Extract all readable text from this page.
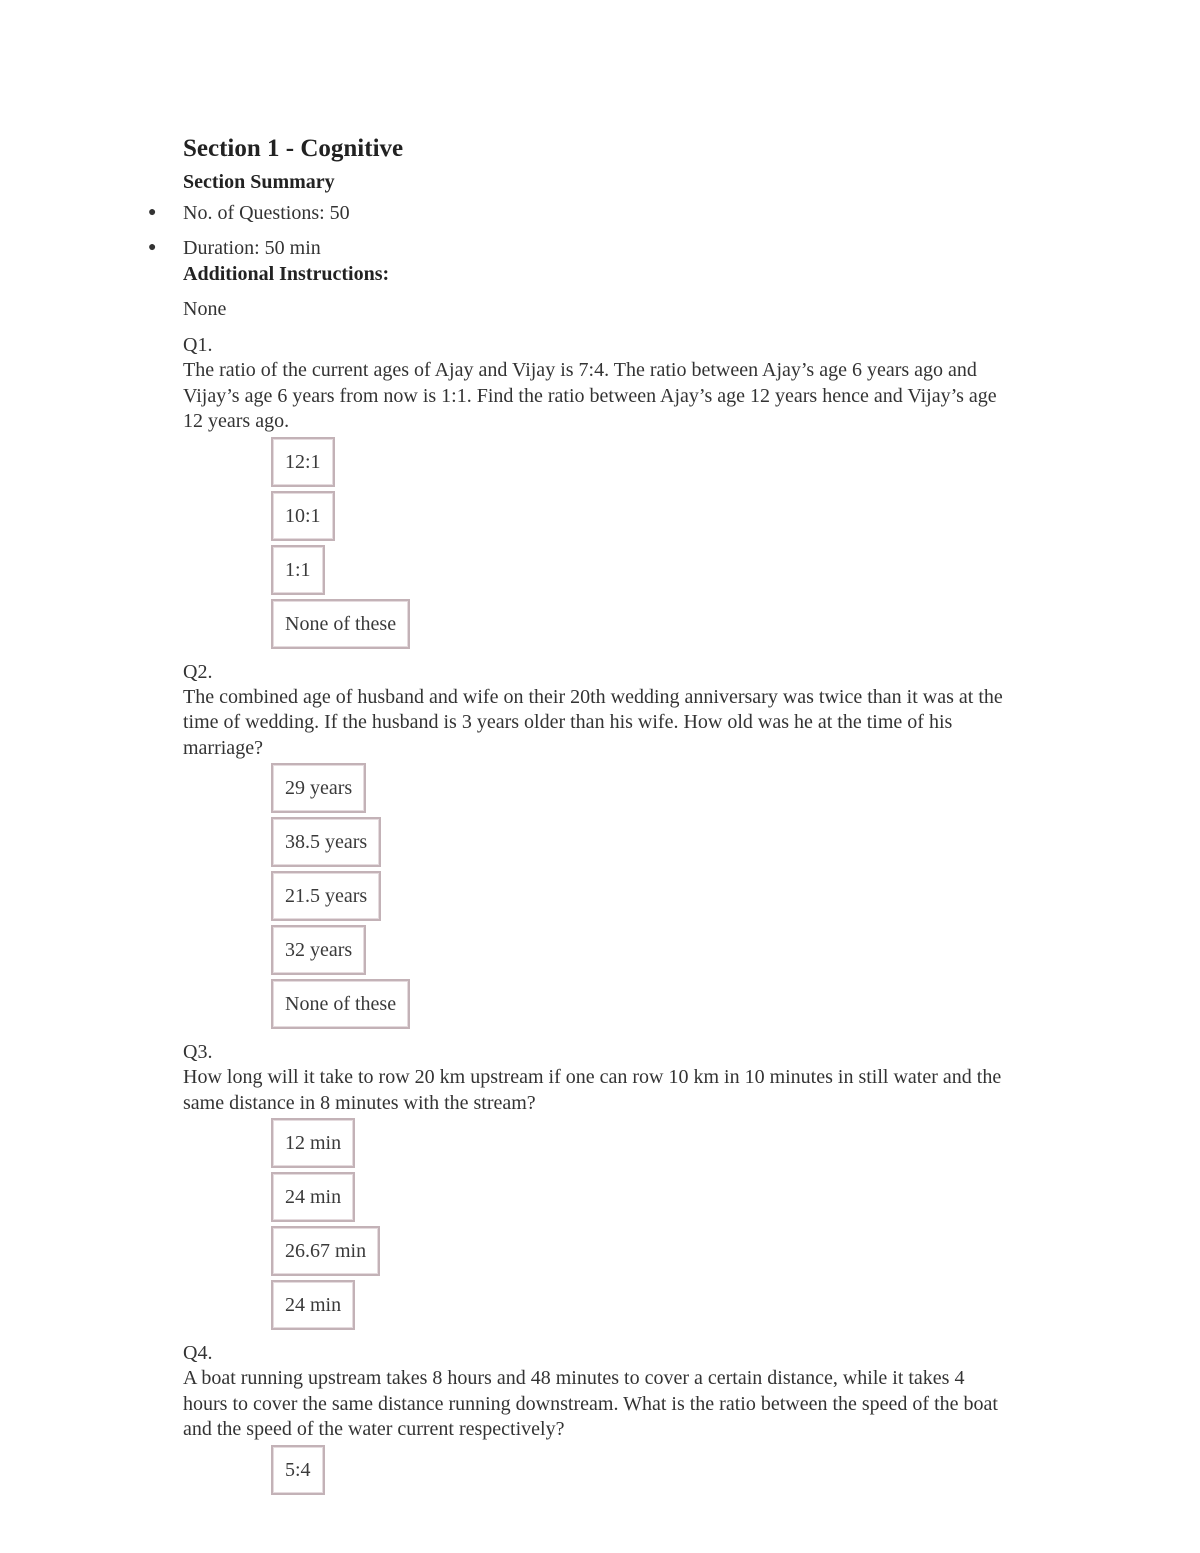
Section 1 - Cognitive
Section Summary
● No. of Questions: 50
● Duration: 50 min
Additional Instructions:
None
Q1.
The ratio of the current ages of Ajay and Vijay is 7:4. The ratio between Ajay’s age 6 years ago and Vijay’s age 6 years from now is 1:1. Find the ratio between Ajay’s age 12 years hence and Vijay’s age 12 years ago.
12:1
10:1
1:1
None of these
Q2.
The combined age of husband and wife on their 20th wedding anniversary was twice than it was at the time of wedding. If the husband is 3 years older than his wife. How old was he at the time of his marriage?
29 years
38.5 years
21.5 years
32 years
None of these
Q3.
How long will it take to row 20 km upstream if one can row 10 km in 10 minutes in still water and the same distance in 8 minutes with the stream?
12 min
24 min
26.67 min
24 min
Q4.
A boat running upstream takes 8 hours and 48 minutes to cover a certain distance, while it takes 4 hours to cover the same distance running downstream. What is the ratio between the speed of the boat and the speed of the water current respectively?
5:4
